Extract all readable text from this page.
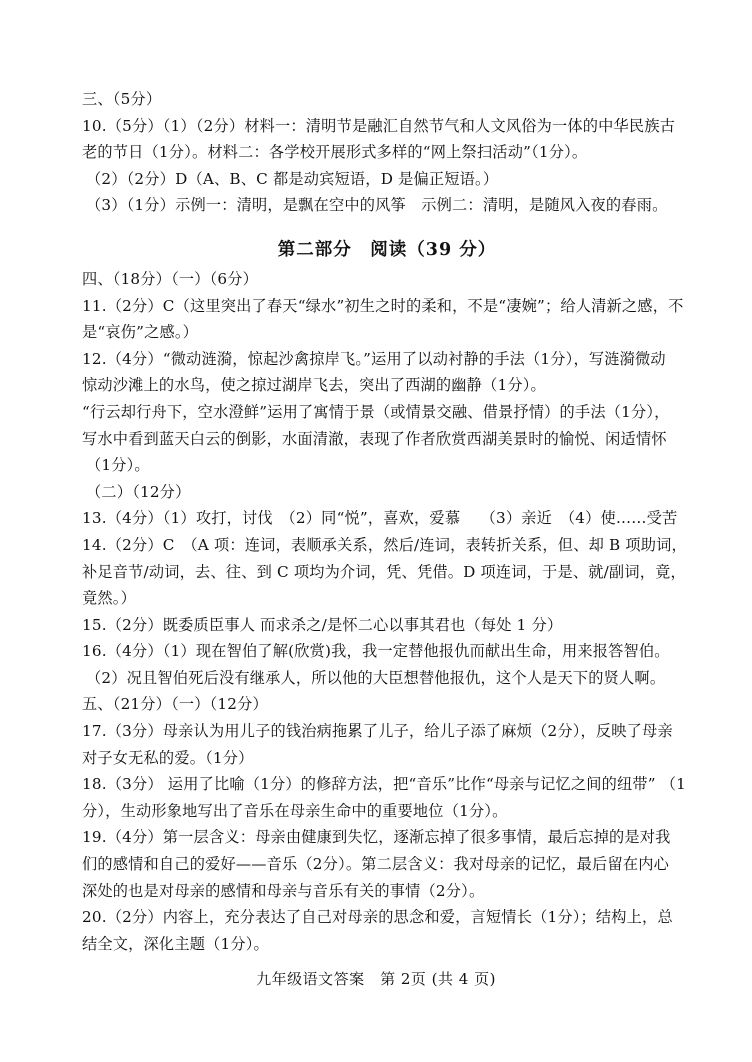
三、（5分）
10.（5分）（1）（2分）材料一：清明节是融汇自然节气和人文风俗为一体的中华民族古
老的节日（1分）。材料二：各学校开展形式多样的“网上祭扫活动”（1分）。
（2）（2分）D（A、B、C 都是动宾短语，D 是偏正短语。）
（3）（1分）示例一：清明，是飘在空中的风筝　示例二：清明，是随风入夜的春雨。
第二部分　阅读（39 分）
四、（18分）（一）（6分）
11.（2分）C（这里突出了春天“绿水”初生之时的柔和，不是“凄婉”；给人清新之感，不
是“哀伤”之感。）
12.（4分）“微动涟漪，惊起沙禽掠岸飞。”运用了以动衬静的手法（1分），写涟漪微动
惊动沙滩上的水鸟，使之掠过湖岸飞去，突出了西湖的幽静（1分）。
“行云却行舟下，空水澄鲜”运用了寓情于景（或情景交融、借景抒情）的手法（1分），
写水中看到蓝天白云的倒影，水面清澈，表现了作者欣赏西湖美景时的愉悦、闲适情怀
（1分）。
（二）（12分）
13.（4分）（1）攻打，讨伐　（2）同“悦”，喜欢，爱慕　 （3）亲近　（4）使……受苦
14.（2分）C　（A 项：连词，表顺承关系，然后/连词，表转折关系，但、却 B 项助词，
补足音节/动词，去、往、到 C 项均为介词，凭、凭借。D 项连词，于是、就/副词，竟，
竟然。）
15.（2分）既委质臣事人 而求杀之/是怀二心以事其君也（每处 1 分）
16.（4分）（1）现在智伯了解(欣赏)我，我一定替他报仇而献出生命，用来报答智伯。
（2）况且智伯死后没有继承人，所以他的大臣想替他报仇，这个人是天下的贤人啊。
五、（21分）（一）（12分）
17.（3分）母亲认为用儿子的钱治病拖累了儿子，给儿子添了麻烦（2分），反映了母亲
对子女无私的爱。（1分）
18.（3分） 运用了比喻（1分）的修辞方法，把“音乐”比作“母亲与记忆之间的纽带” （1
分），生动形象地写出了音乐在母亲生命中的重要地位（1分）。
19.（4分）第一层含义：母亲由健康到失忆，逐渐忘掉了很多事情，最后忘掉的是对我
们的感情和自己的爱好——音乐（2分）。第二层含义：我对母亲的记忆，最后留在内心
深处的也是对母亲的感情和母亲与音乐有关的事情（2分）。
20.（2分）内容上，充分表达了自己对母亲的思念和爱，言短情长（1分）；结构上，总
结全文，深化主题（1分）。
九年级语文答案　第 2页 (共 4 页)
